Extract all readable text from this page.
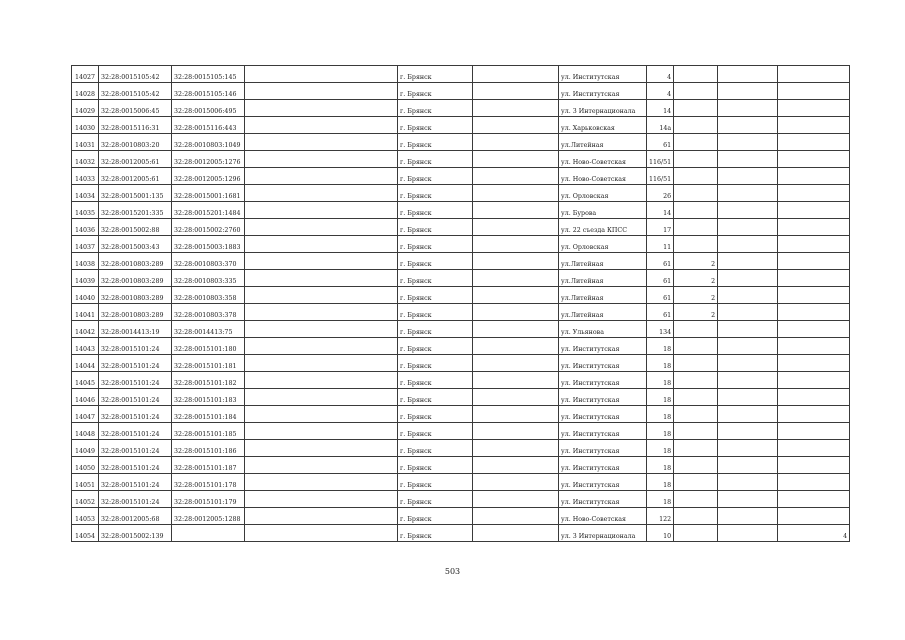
14027	32:28:0015105:42	32:28:0015105:145		г. Брянск		ул. Институтская	4			
14028	32:28:0015105:42	32:28:0015105:146		г. Брянск		ул. Институтская	4			
14029	32:28:0015006:45	32:28:0015006:495		г. Брянск		ул. 3 Интернационала	14			
14030	32:28:0015116:31	32:28:0015116:443		г. Брянск		ул. Харьковская	14а			
14031	32:28:0010803:20	32:28:0010803:1049		г. Брянск		ул.Литейная	61			
14032	32:28:0012005:61	32:28:0012005:1276		г. Брянск		ул. Ново-Советская	116/51			
14033	32:28:0012005:61	32:28:0012005:1296		г. Брянск		ул. Ново-Советская	116/51			
14034	32:28:0015001:135	32:28:0015001:1681		г. Брянск		ул. Орловская	26			
14035	32:28:0015201:335	32:28:0015201:1484		г. Брянск		ул. Бурова	14			
14036	32:28:0015002:88	32:28:0015002:2760		г. Брянск		ул. 22 съезда КПСС	17			
14037	32:28:0015003:43	32:28:0015003:1883		г. Брянск		ул. Орловская	11			
14038	32:28:0010803:289	32:28:0010803:370		г. Брянск		ул.Литейная	61	2		
14039	32:28:0010803:289	32:28:0010803:335		г. Брянск		ул.Литейная	61	2		
14040	32:28:0010803:289	32:28:0010803:358		г. Брянск		ул.Литейная	61	2		
14041	32:28:0010803:289	32:28:0010803:378		г. Брянск		ул.Литейная	61	2		
14042	32:28:0014413:19	32:28:0014413:75		г. Брянск		ул. Ульянова	134			
14043	32:28:0015101:24	32:28:0015101:180		г. Брянск		ул. Институтская	18			
14044	32:28:0015101:24	32:28:0015101:181		г. Брянск		ул. Институтская	18			
14045	32:28:0015101:24	32:28:0015101:182		г. Брянск		ул. Институтская	18			
14046	32:28:0015101:24	32:28:0015101:183		г. Брянск		ул. Институтская	18			
14047	32:28:0015101:24	32:28:0015101:184		г. Брянск		ул. Институтская	18			
14048	32:28:0015101:24	32:28:0015101:185		г. Брянск		ул. Институтская	18			
14049	32:28:0015101:24	32:28:0015101:186		г. Брянск		ул. Институтская	18			
14050	32:28:0015101:24	32:28:0015101:187		г. Брянск		ул. Институтская	18			
14051	32:28:0015101:24	32:28:0015101:178		г. Брянск		ул. Институтская	18			
14052	32:28:0015101:24	32:28:0015101:179		г. Брянск		ул. Институтская	18			
14053	32:28:0012005:68	32:28:0012005:1288		г. Брянск		ул. Ново-Советская	122			
14054	32:28:0015002:139			г. Брянск		ул. 3 Интернационала	10			4
503
